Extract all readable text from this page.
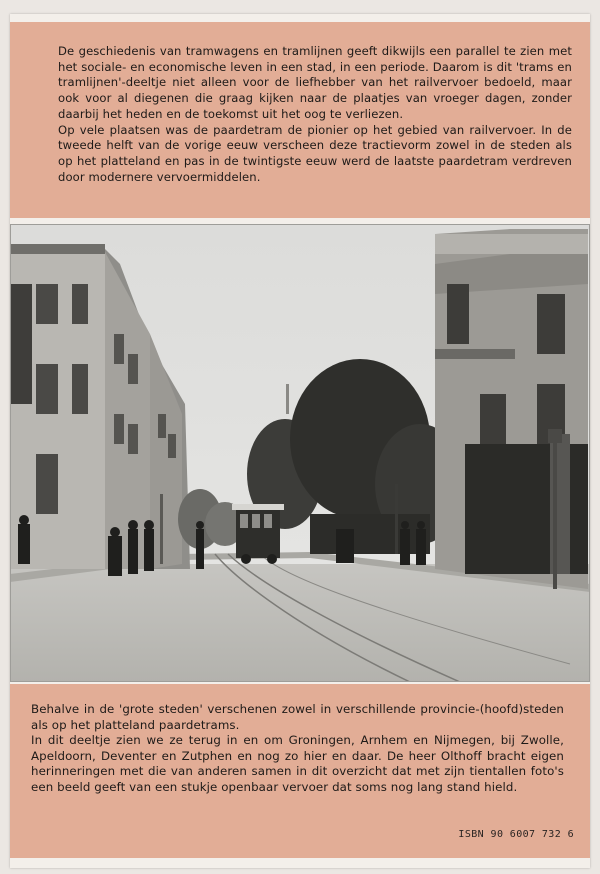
De geschiedenis van tramwagens en tramlijnen geeft dikwijls een parallel te zien met het sociale- en economische leven in een stad, in een periode. Daarom is dit 'trams en tramlijnen'-deeltje niet alleen voor de liefhebber van het railvervoer bedoeld, maar ook voor al diegenen die graag kijken naar de plaatjes van vroeger dagen, zonder daarbij het heden en de toekomst uit het oog te verliezen.

Op vele plaatsen was de paardetram de pionier op het gebied van railvervoer. In de tweede helft van de vorige eeuw verscheen deze tractievorm zowel in de steden als op het platteland en pas in de twintigste eeuw werd de laatste paardetram verdreven door modernere vervoermiddelen.

Behalve in de 'grote steden' verschenen zowel in verschillende provincie-(hoofd)steden als op het platteland paardetrams.

In dit deeltje zien we ze terug in en om Groningen, Arnhem en Nijmegen, bij Zwolle, Apeldoorn, Deventer en Zutphen en nog zo hier en daar. De heer Olthoff bracht eigen herinneringen met die van anderen samen in dit overzicht dat met zijn tientallen foto's een beeld geeft van een stukje openbaar vervoer dat soms nog lang stand hield.

ISBN 90 6007 732 6
